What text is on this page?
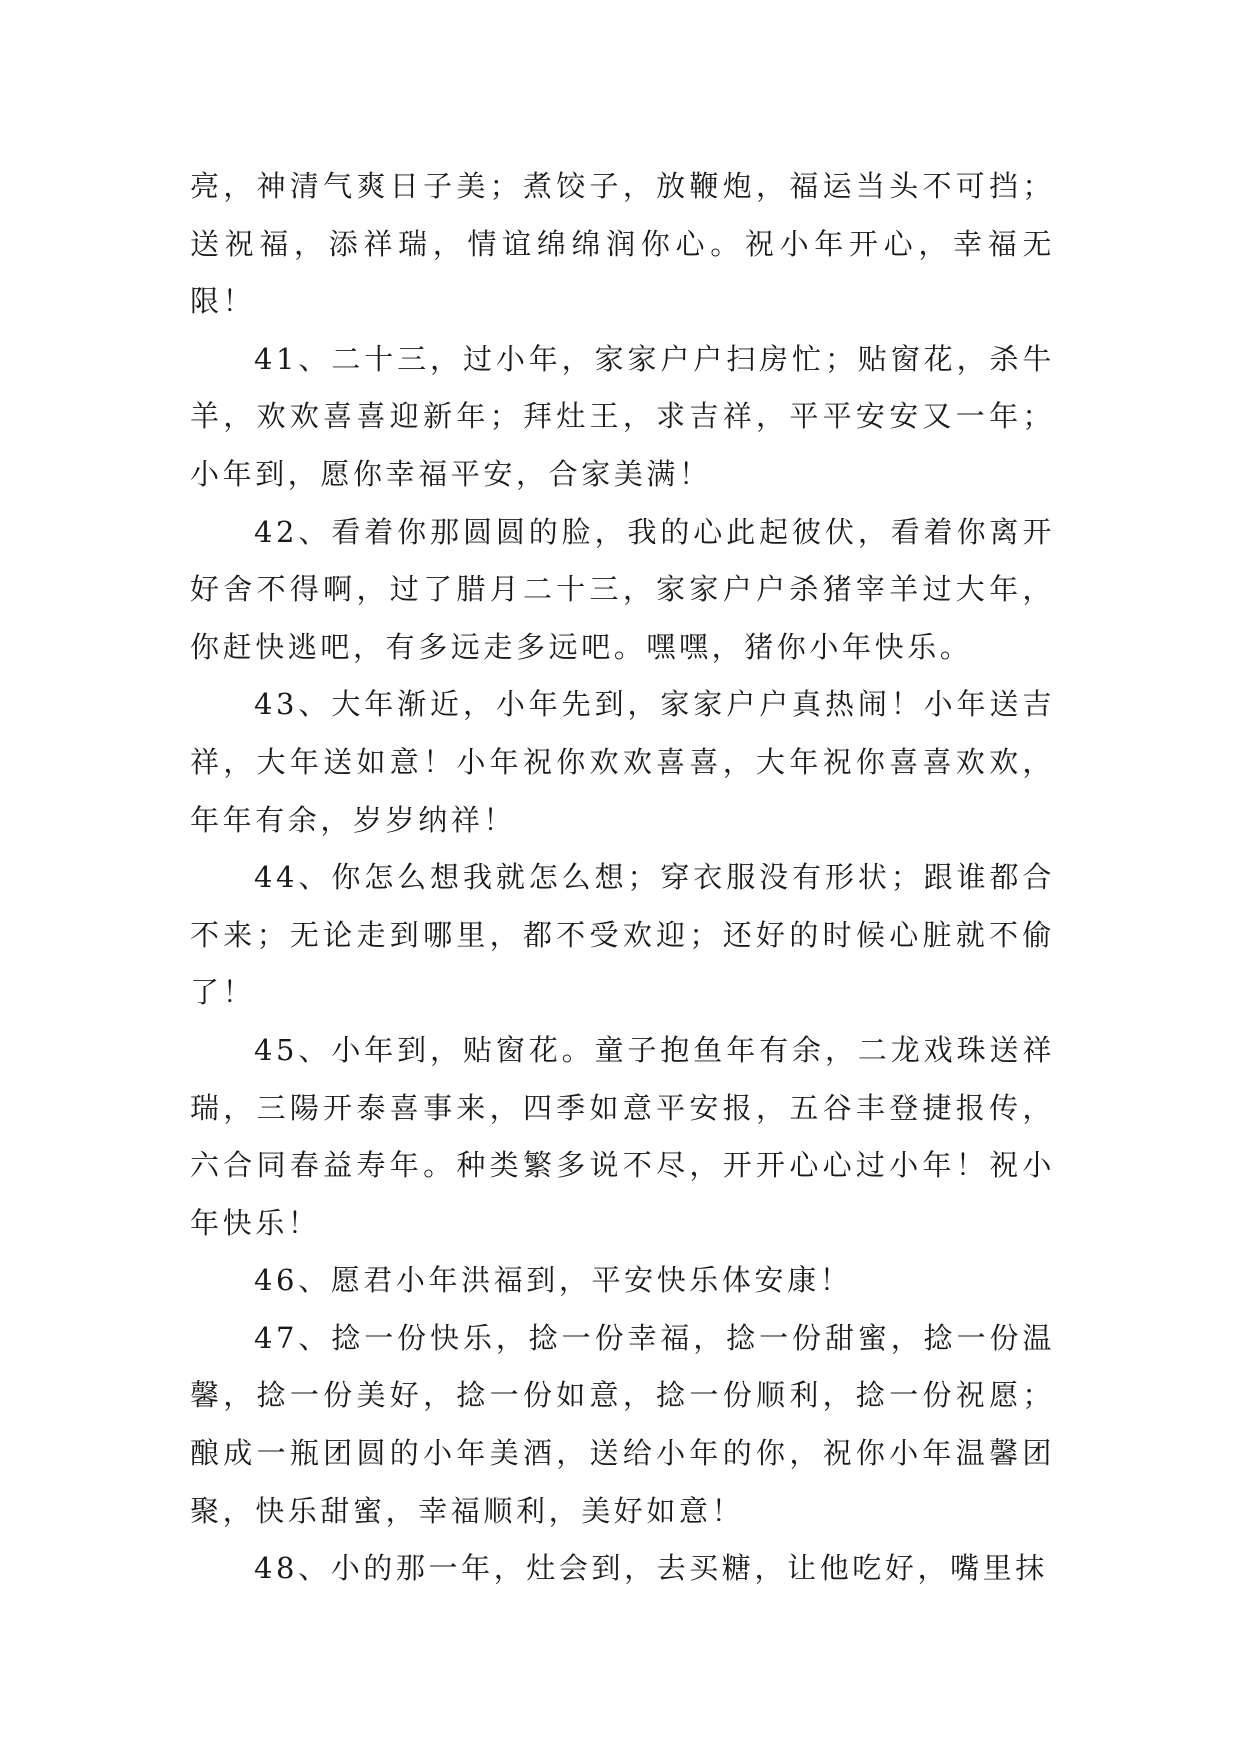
亮，神清气爽日子美；煮饺子，放鞭炮，福运当头不可挡；送祝福，添祥瑞，情谊绵绵润你心。祝小年开心，幸福无限！

41、二十三，过小年，家家户户扫房忙；贴窗花，杀牛羊，欢欢喜喜迎新年；拜灶王，求吉祥，平平安安又一年；小年到，愿你幸福平安，合家美满！

42、看着你那圆圆的脸，我的心此起彼伏，看着你离开好舍不得啊，过了腊月二十三，家家户户杀猪宰羊过大年，你赶快逃吧，有多远走多远吧。嘿嘿，猪你小年快乐。

43、大年渐近，小年先到，家家户户真热闹！小年送吉祥，大年送如意！小年祝你欢欢喜喜，大年祝你喜喜欢欢，年年有余，岁岁纳祥！

44、你怎么想我就怎么想；穿衣服没有形状；跟谁都合不来；无论走到哪里，都不受欢迎；还好的时候心脏就不偷了！

45、小年到，贴窗花。童子抱鱼年有余，二龙戏珠送祥瑞，三陽开泰喜事来，四季如意平安报，五谷丰登捷报传，六合同春益寿年。种类繁多说不尽，开开心心过小年！祝小年快乐！

46、愿君小年洪福到，平安快乐体安康！

47、捻一份快乐，捻一份幸福，捻一份甜蜜，捻一份温馨，捻一份美好，捻一份如意，捻一份顺利，捻一份祝愿；酿成一瓶团圆的小年美酒，送给小年的你，祝你小年温馨团聚，快乐甜蜜，幸福顺利，美好如意！

48、小的那一年，灶会到，去买糖，让他吃好，嘴里抹
